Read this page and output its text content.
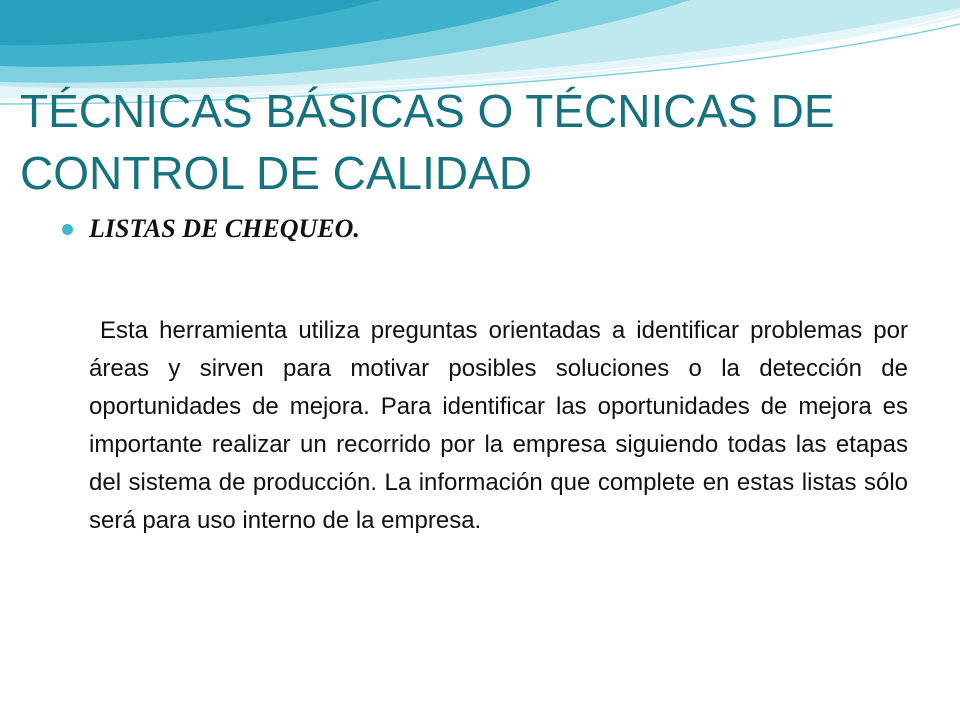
TÉCNICAS BÁSICAS O TÉCNICAS DE CONTROL DE CALIDAD
LISTAS DE CHEQUEO.

Esta herramienta utiliza preguntas orientadas a identificar problemas por áreas y sirven para motivar posibles soluciones o la detección de oportunidades de mejora. Para identificar las oportunidades de mejora es importante realizar un recorrido por la empresa siguiendo todas las etapas del sistema de producción. La información que complete en estas listas sólo será para uso interno de la empresa.
